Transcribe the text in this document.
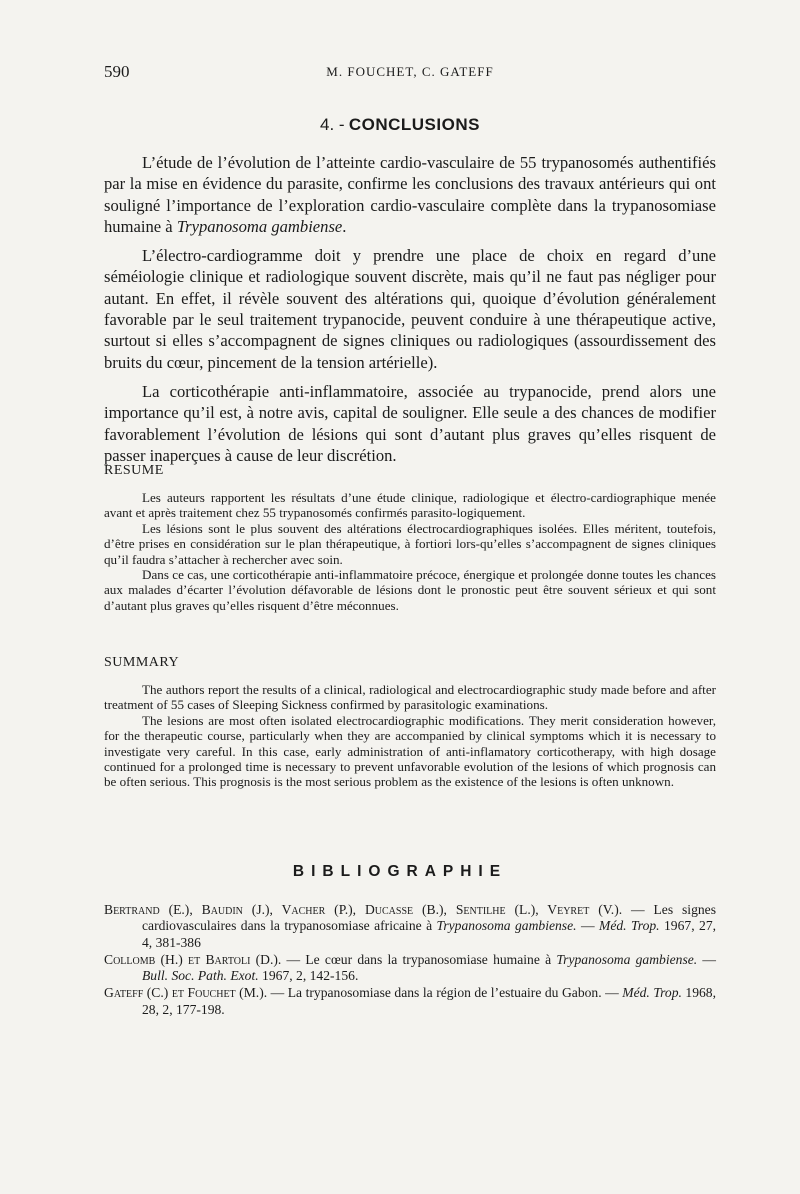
590	M. FOUCHET, C. GATEFF
4. - CONCLUSIONS

L’étude de l’évolution de l’atteinte cardio-vasculaire de 55 trypanosomés authentifiés par la mise en évidence du parasite, confirme les conclusions des travaux antérieurs qui ont souligné l’importance de l’exploration cardio-vasculaire complète dans la trypanosomiase humaine à Trypanosoma gambiense.

L’électro-cardiogramme doit y prendre une place de choix en regard d’une séméiologie clinique et radiologique souvent discrète, mais qu’il ne faut pas négliger pour autant. En effet, il révèle souvent des altérations qui, quoique d’évolution généralement favorable par le seul traitement trypanocide, peuvent conduire à une thérapeutique active, surtout si elles s’accompagnent de signes cliniques ou radiologiques (assourdissement des bruits du cœur, pincement de la tension artérielle).

La corticothérapie anti-inflammatoire, associée au trypanocide, prend alors une importance qu’il est, à notre avis, capital de souligner. Elle seule a des chances de modifier favorablement l’évolution de lésions qui sont d’autant plus graves qu’elles risquent de passer inaperçues à cause de leur discrétion.

RESUME

Les auteurs rapportent les résultats d’une étude clinique, radiologique et électro-cardiographique menée avant et après traitement chez 55 trypanosomés confirmés parasito-logiquement.

Les lésions sont le plus souvent des altérations électrocardiographiques isolées. Elles méritent, toutefois, d’être prises en considération sur le plan thérapeutique, à fortiori lors-qu’elles s’accompagnent de signes cliniques qu’il faudra s’attacher à rechercher avec soin.

Dans ce cas, une corticothérapie anti-inflammatoire précoce, énergique et prolongée donne toutes les chances aux malades d’écarter l’évolution défavorable de lésions dont le pronostic peut être souvent sérieux et qui sont d’autant plus graves qu’elles risquent d’être méconnues.

SUMMARY

The authors report the results of a clinical, radiological and electrocardiographic study made before and after treatment of 55 cases of Sleeping Sickness confirmed by parasitologic examinations.

The lesions are most often isolated electrocardiographic modifications. They merit consideration however, for the therapeutic course, particularly when they are accompanied by clinical symptoms which it is necessary to investigate very careful. In this case, early administration of anti-inflamatory corticotherapy, with high dosage continued for a prolonged time is necessary to prevent unfavorable evolution of the lesions of which prognosis can be often serious. This prognosis is the most serious problem as the existence of the lesions is often unknown.

BIBLIOGRAPHIE
Bertrand (E.), Baudin (J.), Vacher (P.), Ducasse (B.), Sentilhe (L.), Veyret (V.). — Les signes cardiovasculaires dans la trypanosomiase africaine à Trypanosoma gambiense. — Méd. Trop. 1967, 27, 4, 381-386
Collomb (H.) et Bartoli (D.). — Le cœur dans la trypanosomiase humaine à Trypanosoma gambiense. — Bull. Soc. Path. Exot. 1967, 2, 142-156.
Gateff (C.) et Fouchet (M.). — La trypanosomiase dans la région de l’estuaire du Gabon. — Méd. Trop. 1968, 28, 2, 177-198.
